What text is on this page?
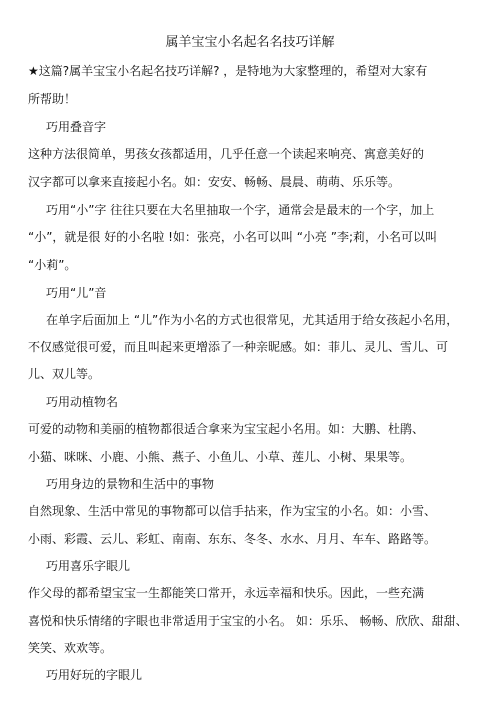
属羊宝宝小名起名名技巧详解
★这篇?属羊宝宝小名起名技巧详解? ，是特地为大家整理的，希望对大家有
所帮助！
巧用叠音字
这种方法很简单，男孩女孩都适用，几乎任意一个读起来响亮、寓意美好的
汉字都可以拿来直接起小名。如：安安、畅畅、晨晨、萌萌、乐乐等。
巧用“小”字 往往只要在大名里抽取一个字，通常会是最末的一个字，加上
“小”，就是很 好的小名啦 !如：张亮，小名可以叫 “小亮 ”李;莉，小名可以叫
“小莉”。
巧用“儿”音
在单字后面加上 “儿”作为小名的方式也很常见，尤其适用于给女孩起小名用，
不仅感觉很可爱，而且叫起来更增添了一种亲昵感。如：菲儿、灵儿、雪儿、可
儿、双儿等。
巧用动植物名
可爱的动物和美丽的植物都很适合拿来为宝宝起小名用。如：大鹏、杜鹃、
小猫、咪咪、小鹿、小熊、燕子、小鱼儿、小草、莲儿、小树、果果等。
巧用身边的景物和生活中的事物
自然现象、生活中常见的事物都可以信手拈来，作为宝宝的小名。如：小雪、
小雨、彩霞、云儿、彩虹、南南、东东、冬冬、水水、月月、车车、路路等。
巧用喜乐字眼儿
作父母的都希望宝宝一生都能笑口常开，永远幸福和快乐。因此，一些充满
喜悦和快乐情绪的字眼也非常适用于宝宝的小名。 如：乐乐、 畅畅、欣欣、甜甜、
笑笑、欢欢等。
巧用好玩的字眼儿
